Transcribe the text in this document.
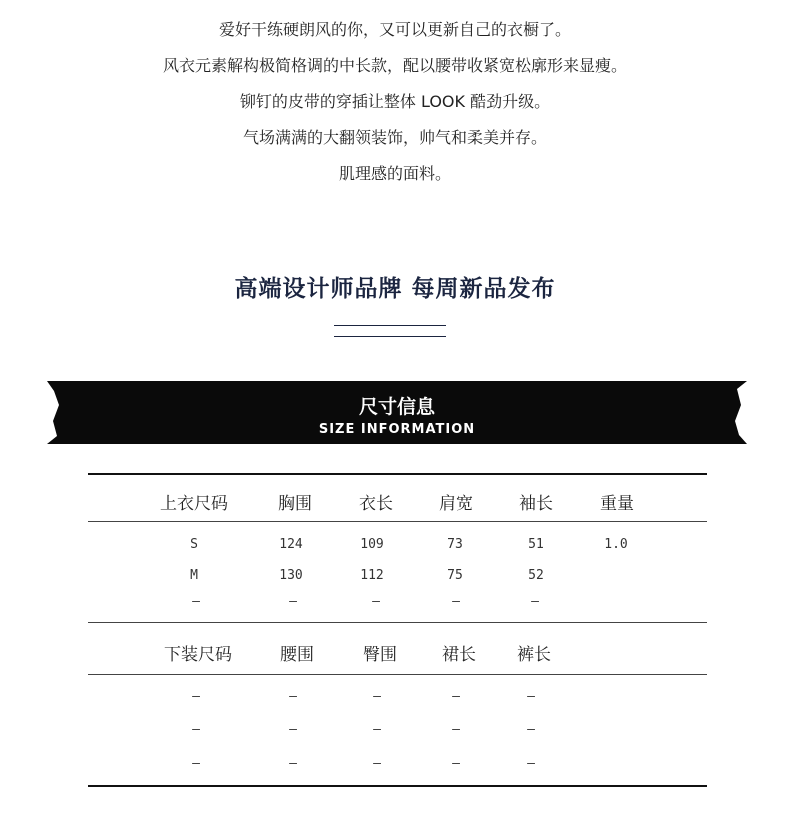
爱好干练硬朗风的你，又可以更新自己的衣橱了。
风衣元素解构极简格调的中长款，配以腰带收紧宽松廓形来显瘦。
铆钉的皮带的穿插让整体 LOOK 酷劲升级。
气场满满的大翻领装饰，帅气和柔美并存。
肌理感的面料。
高端设计师品牌 每周新品发布
尺寸信息
SIZE INFORMATION
上衣尺码	胸围	衣长	肩宽	袖长	重量
S	124	109	73	51	1.0
M	130	112	75	52
—	—	—	—	—
下装尺码	腰围	臀围	裙长	裤长
—	—	—	—	—
—	—	—	—	—
—	—	—	—	—
